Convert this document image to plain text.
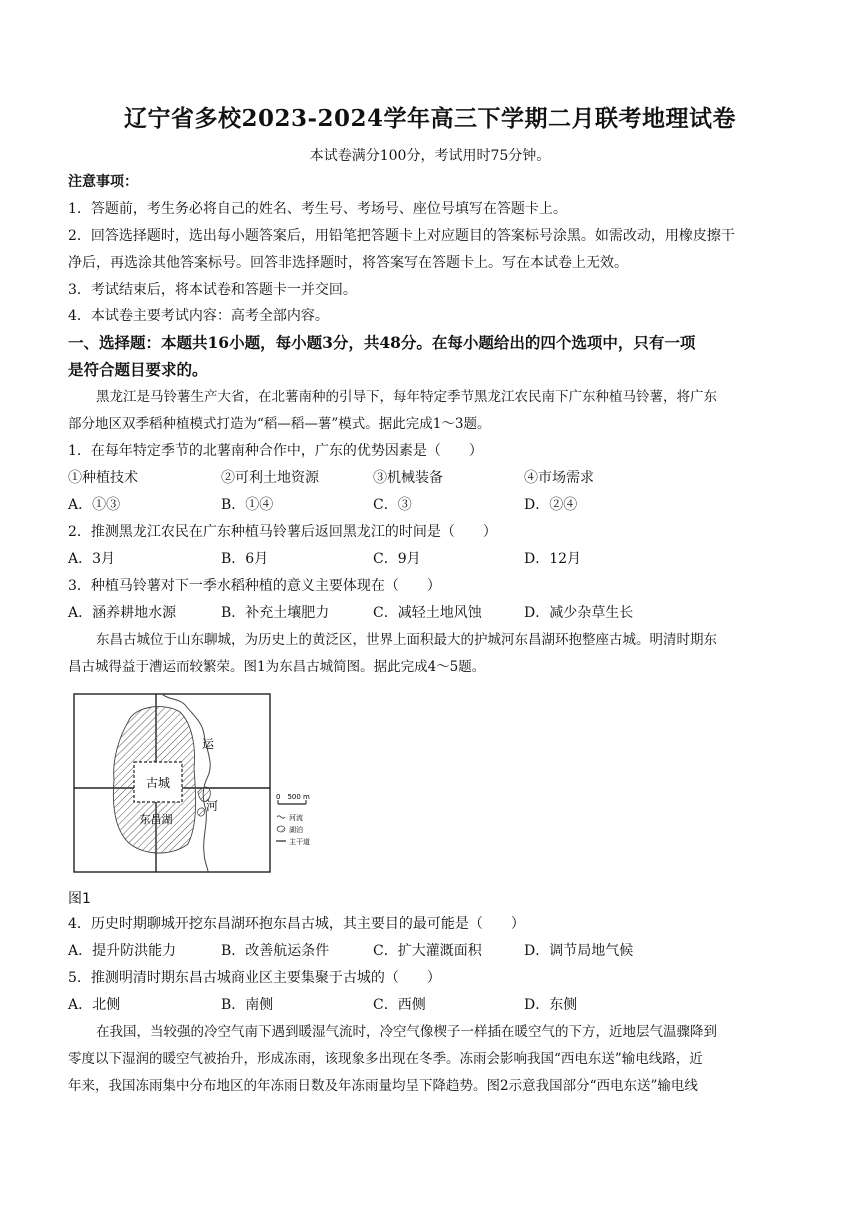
辽宁省多校2023-2024学年高三下学期二月联考地理试卷
本试卷满分100分，考试用时75分钟。
注意事项：
1．答题前，考生务必将自己的姓名、考生号、考场号、座位号填写在答题卡上。
2．回答选择题时，选出每小题答案后，用铅笔把答题卡上对应题目的答案标号涂黑。如需改动，用橡皮擦干
净后，再选涂其他答案标号。回答非选择题时，将答案写在答题卡上。写在本试卷上无效。
3．考试结束后，将本试卷和答题卡一并交回。
4．本试卷主要考试内容：高考全部内容。
一、选择题：本题共16小题，每小题3分，共48分。在每小题给出的四个选项中，只有一项
是符合题目要求的。
黑龙江是马铃薯生产大省，在北薯南种的引导下，每年特定季节黑龙江农民南下广东种植马铃薯，将广东
部分地区双季稻种植模式打造为“稻—稻—薯”模式。据此完成1～3题。
1．在每年特定季节的北薯南种合作中，广东的优势因素是（　　）
①种植技术	②可利土地资源	③机械装备	④市场需求
A．①③	B．①④	C．③	D．②④
2．推测黑龙江农民在广东种植马铃薯后返回黑龙江的时间是（　　）
A．3月	B．6月	C．9月	D．12月
3．种植马铃薯对下一季水稻种植的意义主要体现在（　　）
A．涵养耕地水源	B．补充土壤肥力	C．减轻土地风蚀	D．减少杂草生长
东昌古城位于山东聊城，为历史上的黄泛区，世界上面积最大的护城河东昌湖环抱整座古城。明清时期东
昌古城得益于漕运而较繁荣。图1为东昌古城简图。据此完成4～5题。
古城
东昌湖
运
河
0　500 m
河流
湖泊
主干道
图1
4．历史时期聊城开挖东昌湖环抱东昌古城，其主要目的最可能是（　　）
A．提升防洪能力	B．改善航运条件	C．扩大灌溉面积	D．调节局地气候
5．推测明清时期东昌古城商业区主要集聚于古城的（　　）
A．北侧	B．南侧	C．西侧	D．东侧
在我国，当较强的冷空气南下遇到暖湿气流时，冷空气像楔子一样插在暖空气的下方，近地层气温骤降到
零度以下湿润的暖空气被抬升，形成冻雨，该现象多出现在冬季。冻雨会影响我国“西电东送”输电线路，近
年来，我国冻雨集中分布地区的年冻雨日数及年冻雨量均呈下降趋势。图2示意我国部分“西电东送”输电线
